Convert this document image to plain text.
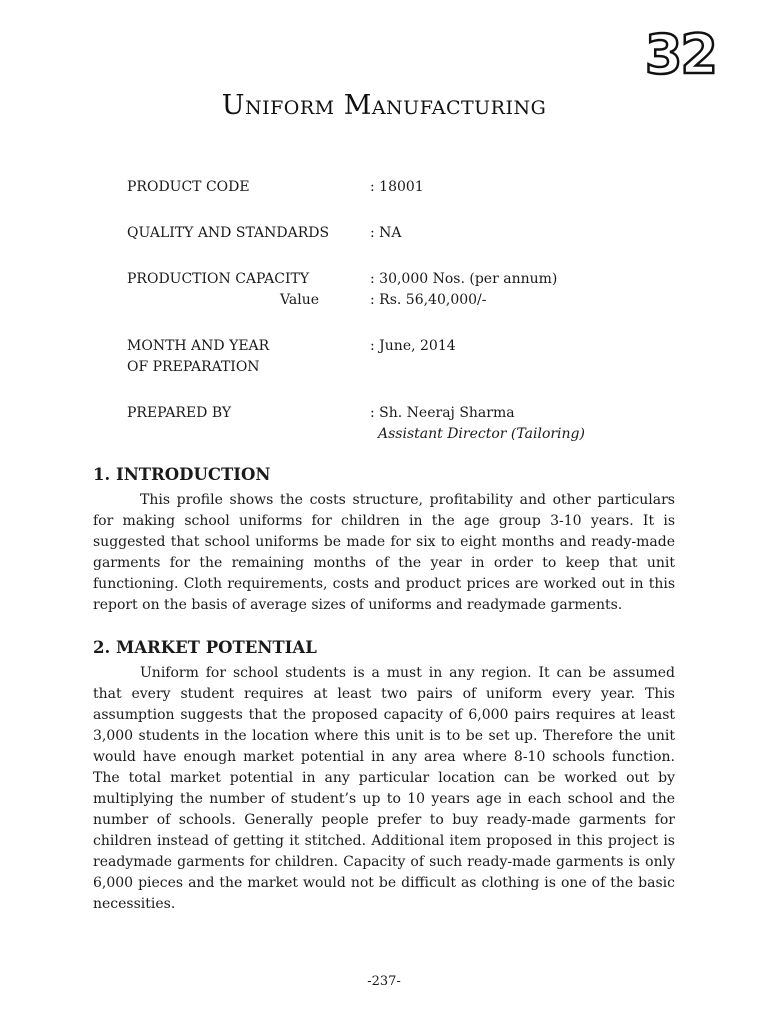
32
Uniform Manufacturing
PRODUCT CODE	: 18001
QUALITY AND STANDARDS	: NA
PRODUCTION CAPACITY	: 30,000 Nos. (per annum)
Value	: Rs. 56,40,000/-
MONTH AND YEAR
OF PREPARATION
: June, 2014
PREPARED BY	: Sh. Neeraj Sharma
Assistant Director (Tailoring)
1. INTRODUCTION

This profile shows the costs structure, profitability and other particulars for making school uniforms for children in the age group 3-10 years. It is suggested that school uniforms be made for six to eight months and ready-made garments for the remaining months of the year in order to keep that unit functioning. Cloth requirements, costs and product prices are worked out in this report on the basis of average sizes of uniforms and readymade garments.

2. MARKET POTENTIAL

Uniform for school students is a must in any region. It can be assumed that every student requires at least two pairs of uniform every year. This assumption suggests that the proposed capacity of 6,000 pairs requires at least 3,000 students in the location where this unit is to be set up. Therefore the unit would have enough market potential in any area where 8-10 schools function. The total market potential in any particular location can be worked out by multiplying the number of student’s up to 10 years age in each school and the number of schools. Generally people prefer to buy ready-made garments for children instead of getting it stitched. Additional item proposed in this project is readymade garments for children. Capacity of such ready-made garments is only 6,000 pieces and the market would not be difficult as clothing is one of the basic necessities.

-237-
